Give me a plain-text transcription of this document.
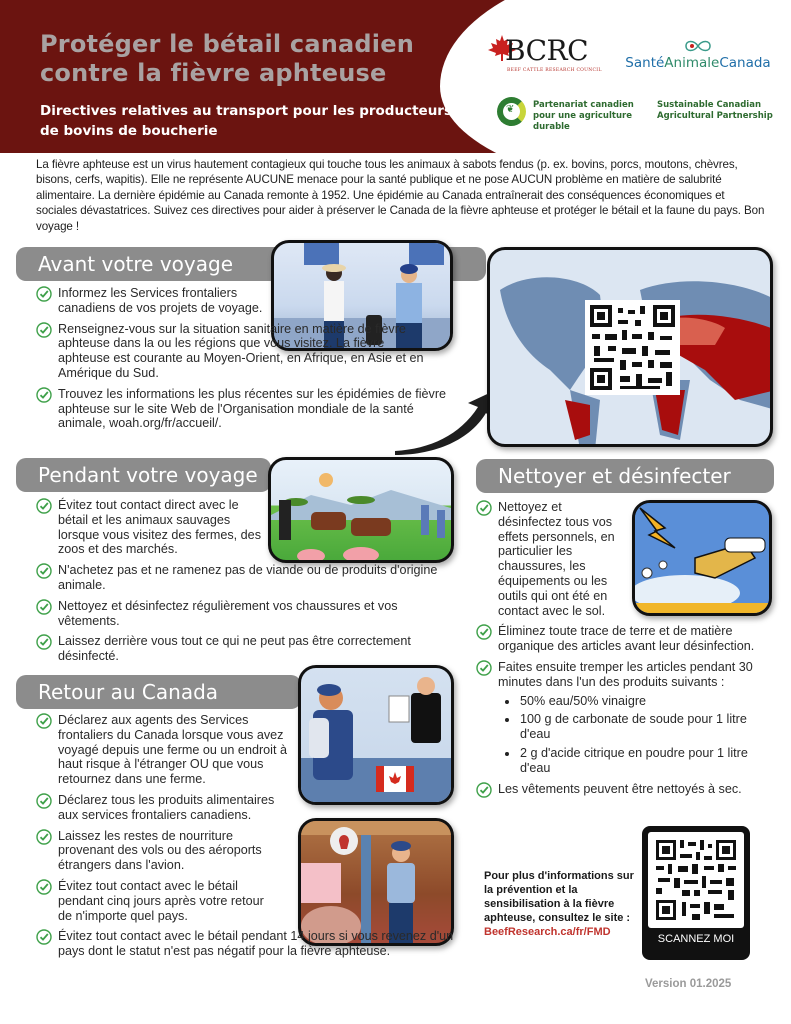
Protéger le bétail canadien contre la fièvre aphteuse
Directives relatives au transport pour les producteurs de bovins de boucherie
BCRC
BEEF CATTLE RESEARCH COUNCIL	SantéAnimaleCanada
❦ Partenariat canadien pour une agriculture durable
Sustainable Canadian Agricultural Partnership

La fièvre aphteuse est un virus hautement contagieux qui touche tous les animaux à sabots fendus (p. ex. bovins, porcs, moutons, chèvres, bisons, cerfs, wapitis). Elle ne représente AUCUNE menace pour la santé publique et ne pose AUCUN problème en matière de salubrité alimentaire. La dernière épidémie au Canada remonte à 1952. Une épidémie au Canada entraînerait des conséquences économiques et sociales dévastatrices. Suivez ces directives pour aider à préserver le Canada de la fièvre aphteuse et protéger le bétail et la faune du pays. Bon voyage !

Avant votre voyage
Informez les Services frontaliers canadiens de vos projets de voyage.
Renseignez-vous sur la situation sanitaire en matière de fièvre aphteuse dans la ou les régions que vous visitez. La fièvre aphteuse est courante au Moyen-Orient, en Afrique, en Asie et en Amérique du Sud.
Trouvez les informations les plus récentes sur les épidémies de fièvre aphteuse sur le site Web de l'Organisation mondiale de la santé animale, woah.org/fr/accueil/.
Pendant votre voyage
Évitez tout contact direct avec le bétail et les animaux sauvages lorsque vous visitez des fermes, des zoos et des marchés.
N'achetez pas et ne ramenez pas de viande ou de produits d'origine animale.
Nettoyez et désinfectez régulièrement vos chaussures et vos vêtements.
Laissez derrière vous tout ce qui ne peut pas être correctement désinfecté.
Retour au Canada
Déclarez aux agents des Services frontaliers du Canada lorsque vous avez voyagé depuis une ferme ou un endroit à haut risque à l'étranger OU que vous retournez dans une ferme.
Déclarez tous les produits alimentaires aux services frontaliers canadiens.
Laissez les restes de nourriture provenant des vols ou des aéroports étrangers dans l'avion.
Évitez tout contact avec le bétail pendant cinq jours après votre retour de n'importe quel pays.
Évitez tout contact avec le bétail pendant 14 jours si vous revenez d'un pays dont le statut n'est pas négatif pour la fièvre aphteuse.
Nettoyer et désinfecter
Nettoyez et désinfectez tous vos effets personnels, en particulier les chaussures, les équipements ou les outils qui ont été en contact avec le sol.
Éliminez toute trace de terre et de matière organique des articles avant leur désinfection.
Faites ensuite tremper les articles pendant 30 minutes dans l'un des produits suivants :
50% eau/50% vinaigre
100 g de carbonate de soude pour 1 litre d'eau
2 g d'acide citrique en poudre pour 1 litre d'eau
Les vêtements peuvent être nettoyés à sec.
Pour plus d'informations sur la prévention et la sensibilisation à la fièvre aphteuse, consultez le site :
BeefResearch.ca/fr/FMD
SCANNEZ MOI
Version 01.2025
